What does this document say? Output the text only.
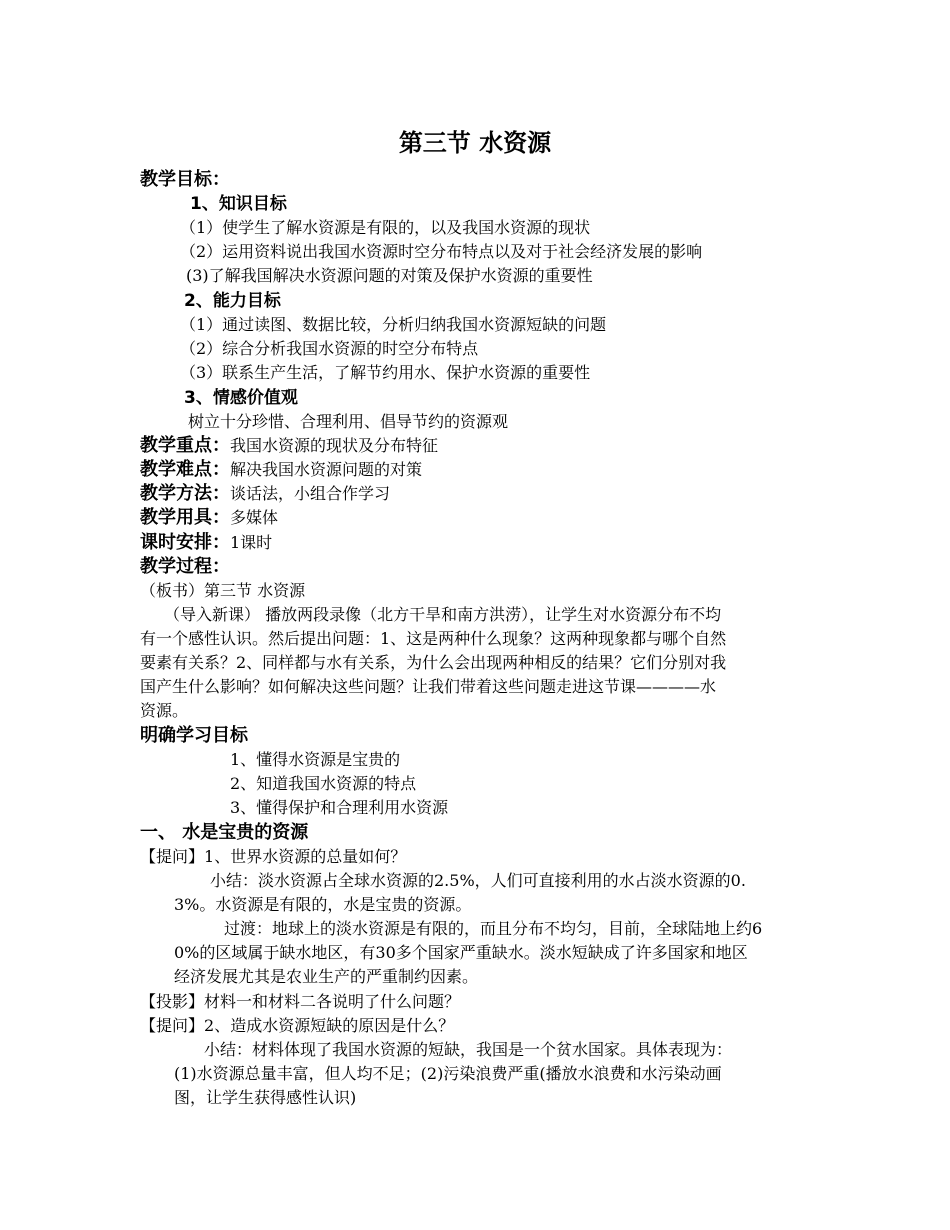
第三节 水资源
教学目标：
1、知识目标
（1）使学生了解水资源是有限的，以及我国水资源的现状
（2）运用资料说出我国水资源时空分布特点以及对于社会经济发展的影响
(3)了解我国解决水资源问题的对策及保护水资源的重要性
2、能力目标
（1）通过读图、数据比较，分析归纳我国水资源短缺的问题
（2）综合分析我国水资源的时空分布特点
（3）联系生产生活，了解节约用水、保护水资源的重要性
3、情感价值观
树立十分珍惜、合理利用、倡导节约的资源观
教学重点：我国水资源的现状及分布特征
教学难点：解决我国水资源问题的对策
教学方法：谈话法，小组合作学习
教学用具：多媒体
课时安排：1课时
教学过程：
（板书）第三节 水资源
（导入新课） 播放两段录像（北方干旱和南方洪涝），让学生对水资源分布不均
有一个感性认识。然后提出问题：1、这是两种什么现象？这两种现象都与哪个自然
要素有关系？2、同样都与水有关系，为什么会出现两种相反的结果？它们分别对我
国产生什么影响？如何解决这些问题？让我们带着这些问题走进这节课————水
资源。
明确学习目标
1、懂得水资源是宝贵的
2、知道我国水资源的特点
3、懂得保护和合理利用水资源
一、 水是宝贵的资源
【提问】1、世界水资源的总量如何？
小结：淡水资源占全球水资源的2.5%，人们可直接利用的水占淡水资源的0.
3%。水资源是有限的，水是宝贵的资源。
过渡：地球上的淡水资源是有限的，而且分布不均匀，目前，全球陆地上约6
0%的区域属于缺水地区，有30多个国家严重缺水。淡水短缺成了许多国家和地区
经济发展尤其是农业生产的严重制约因素。
【投影】材料一和材料二各说明了什么问题？
【提问】2、造成水资源短缺的原因是什么？
小结：材料体现了我国水资源的短缺，我国是一个贫水国家。具体表现为：
(1)水资源总量丰富，但人均不足；(2)污染浪费严重(播放水浪费和水污染动画
图，让学生获得感性认识)
